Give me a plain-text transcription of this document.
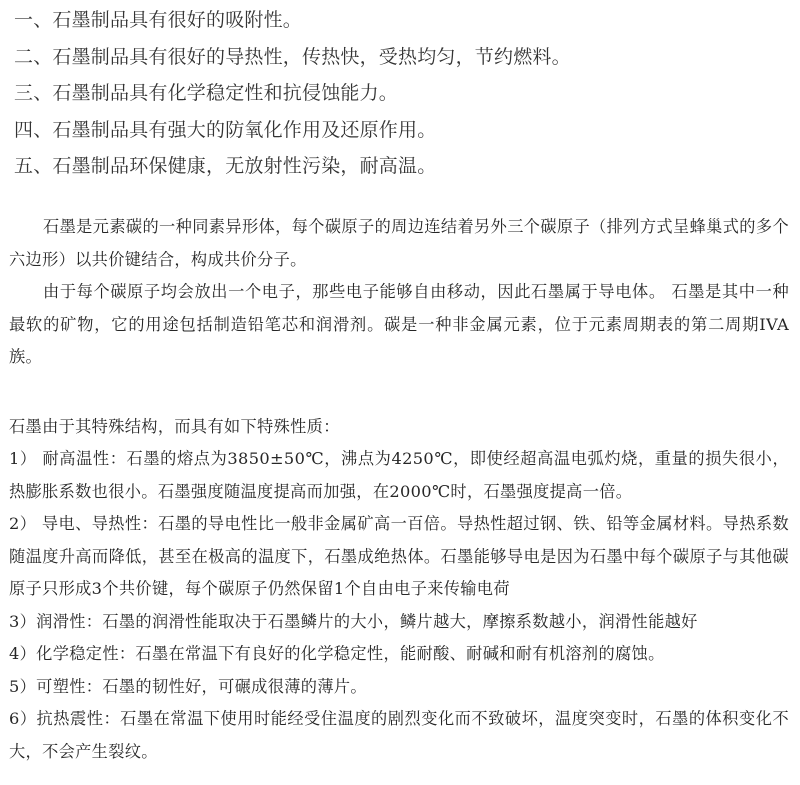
一、石墨制品具有很好的吸附性。
二、石墨制品具有很好的导热性，传热快，受热均匀，节约燃料。
三、石墨制品具有化学稳定性和抗侵蚀能力。
四、石墨制品具有强大的防氧化作用及还原作用。
五、石墨制品环保健康，无放射性污染，耐高温。

石墨是元素碳的一种同素异形体，每个碳原子的周边连结着另外三个碳原子（排列方式呈蜂巢式的多个六边形）以共价键结合，构成共价分子。

由于每个碳原子均会放出一个电子，那些电子能够自由移动，因此石墨属于导电体。 石墨是其中一种最软的矿物，它的用途包括制造铅笔芯和润滑剂。碳是一种非金属元素，位于元素周期表的第二周期IVA族。

石墨由于其特殊结构，而具有如下特殊性质：

1） 耐高温性：石墨的熔点为3850±50℃，沸点为4250℃，即使经超高温电弧灼烧，重量的损失很小，热膨胀系数也很小。石墨强度随温度提高而加强，在2000℃时，石墨强度提高一倍。

2） 导电、导热性：石墨的导电性比一般非金属矿高一百倍。导热性超过钢、铁、铅等金属材料。导热系数随温度升高而降低，甚至在极高的温度下，石墨成绝热体。石墨能够导电是因为石墨中每个碳原子与其他碳原子只形成3个共价键，每个碳原子仍然保留1个自由电子来传输电荷

3）润滑性：石墨的润滑性能取决于石墨鳞片的大小，鳞片越大，摩擦系数越小，润滑性能越好

4）化学稳定性：石墨在常温下有良好的化学稳定性，能耐酸、耐碱和耐有机溶剂的腐蚀。

5）可塑性：石墨的韧性好，可碾成很薄的薄片。

6）抗热震性：石墨在常温下使用时能经受住温度的剧烈变化而不致破坏，温度突变时，石墨的体积变化不大，不会产生裂纹。
